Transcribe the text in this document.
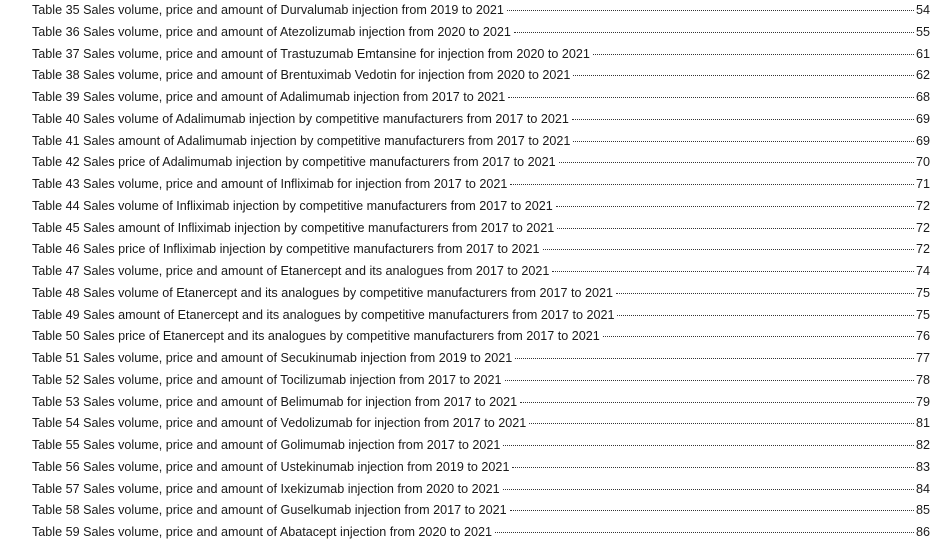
Table 35 Sales volume, price and amount of Durvalumab injection from 2019 to 2021	54
Table 36 Sales volume, price and amount of Atezolizumab injection from 2020 to 2021	55
Table 37 Sales volume, price and amount of Trastuzumab Emtansine for injection from 2020 to 2021	61
Table 38 Sales volume, price and amount of Brentuximab Vedotin for injection from 2020 to 2021	62
Table 39 Sales volume, price and amount of Adalimumab injection from 2017 to 2021	68
Table 40 Sales volume of Adalimumab injection by competitive manufacturers from 2017 to 2021	69
Table 41 Sales amount of Adalimumab injection by competitive manufacturers from 2017 to 2021	69
Table 42 Sales price of Adalimumab injection by competitive manufacturers from 2017 to 2021	70
Table 43 Sales volume, price and amount of Infliximab for injection from 2017 to 2021	71
Table 44 Sales volume of Infliximab injection by competitive manufacturers from 2017 to 2021	72
Table 45 Sales amount of Infliximab injection by competitive manufacturers from 2017 to 2021	72
Table 46 Sales price of Infliximab injection by competitive manufacturers from 2017 to 2021	72
Table 47 Sales volume, price and amount of Etanercept and its analogues from 2017 to 2021	74
Table 48 Sales volume of Etanercept and its analogues by competitive manufacturers from 2017 to 2021	75
Table 49 Sales amount of Etanercept and its analogues by competitive manufacturers from 2017 to 2021	75
Table 50 Sales price of Etanercept and its analogues by competitive manufacturers from 2017 to 2021	76
Table 51 Sales volume, price and amount of Secukinumab injection from 2019 to 2021	77
Table 52 Sales volume, price and amount of Tocilizumab injection from 2017 to 2021	78
Table 53 Sales volume, price and amount of Belimumab for injection from 2017 to 2021	79
Table 54 Sales volume, price and amount of Vedolizumab for injection from 2017 to 2021	81
Table 55 Sales volume, price and amount of Golimumab injection from 2017 to 2021	82
Table 56 Sales volume, price and amount of Ustekinumab injection from 2019 to 2021	83
Table 57 Sales volume, price and amount of Ixekizumab injection from 2020 to 2021	84
Table 58 Sales volume, price and amount of Guselkumab injection from 2017 to 2021	85
Table 59 Sales volume, price and amount of Abatacept injection from 2020 to 2021	86
